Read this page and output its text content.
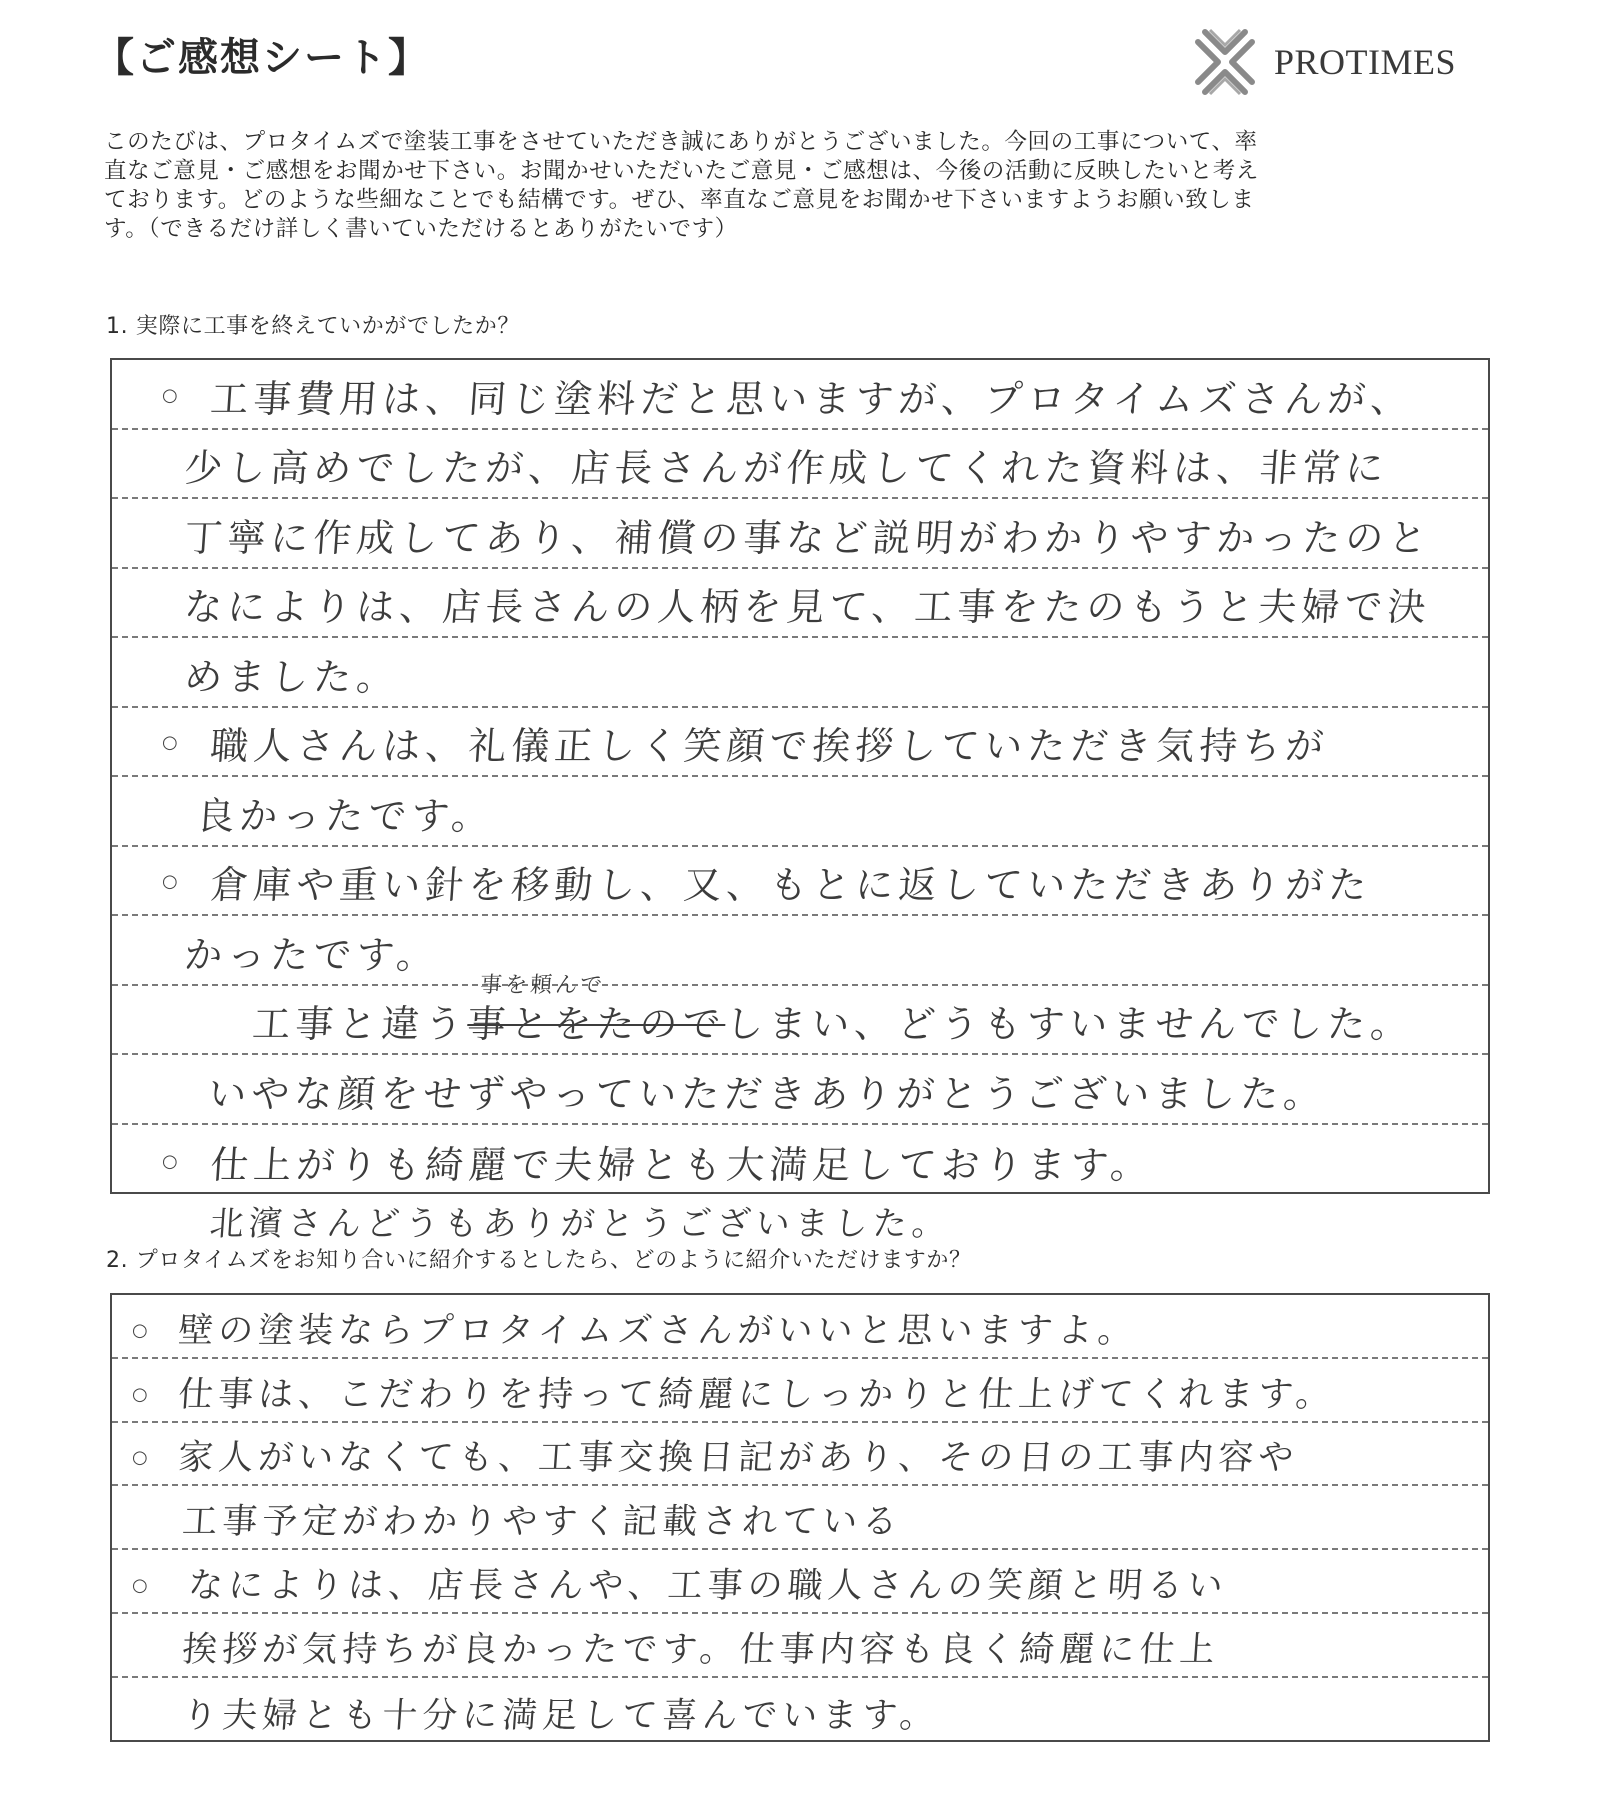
【ご感想シート】	PROTIMES

このたびは、プロタイムズで塗装工事をさせていただき誠にありがとうございました。今回の工事について、率

直なご意見・ご感想をお聞かせ下さい。お聞かせいただいたご意見・ご感想は、今後の活動に反映したいと考え

ております。どのような些細なことでも結構です。ぜひ、率直なご意見をお聞かせ下さいますようお願い致しま

す。（できるだけ詳しく書いていただけるとありがたいです）

1. 実際に工事を終えていかがでしたか？
○ 工事費用は、同じ塗料だと思いますが、プロタイムズさんが、
少し高めでしたが、店長さんが作成してくれた資料は、非常に
丁寧に作成してあり、補償の事など説明がわかりやすかったのと
なによりは、店長さんの人柄を見て、工事をたのもうと夫婦で決
めました。
○ 職人さんは、礼儀正しく笑顔で挨拶していただき気持ちが
良かったです。
○ 倉庫や重い針を移動し、又、もとに返していただきありがた
かったです。
工事と違う
事を頼んで
事とをたのでしまい、どうもすいませんでした。
いやな顔をせずやっていただきありがとうございました。
○ 仕上がりも綺麗で夫婦とも大満足しております。
北濱さんどうもありがとうございました。
2. プロタイムズをお知り合いに紹介するとしたら、どのように紹介いただけますか？
○ 壁の塗装ならプロタイムズさんがいいと思いますよ。
○ 仕事は、こだわりを持って綺麗にしっかりと仕上げてくれます。
○ 家人がいなくても、工事交換日記があり、その日の工事内容や
工事予定がわかりやすく記載されている
○ なによりは、店長さんや、工事の職人さんの笑顔と明るい
挨拶が気持ちが良かったです。仕事内容も良く綺麗に仕上
り夫婦とも十分に満足して喜んでいます。
